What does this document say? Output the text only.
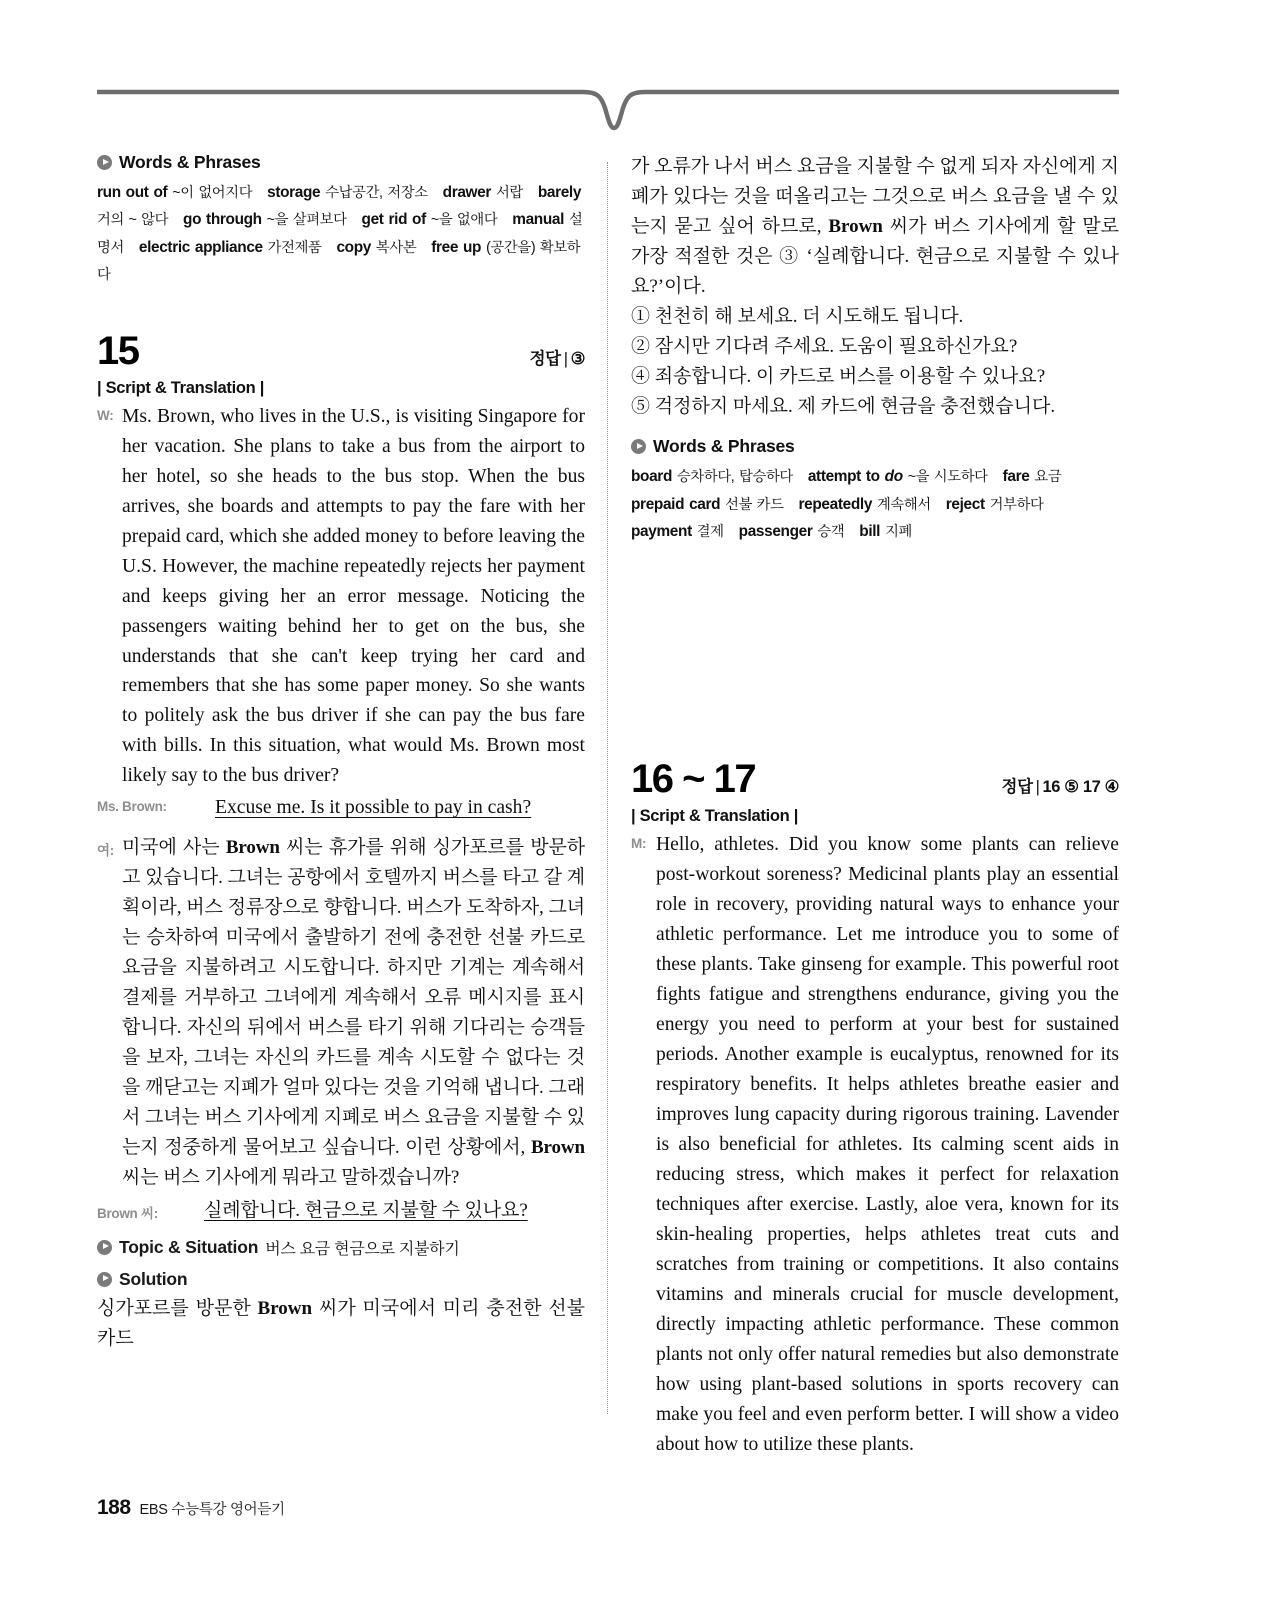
Words & Phrases
run out of ~이 없어지다 storage 수납공간, 저장소 drawer 서랍 barely 거의 ~ 않다 go through ~을 살펴보다 get rid of ~을 없애다 manual 설명서 electric appliance 가전제품 copy 복사본 free up (공간을) 확보하다
15	정답 | ③
| Script & Translation |
W: Ms. Brown, who lives in the U.S., is visiting Singapore for her vacation. She plans to take a bus from the airport to her hotel, so she heads to the bus stop. When the bus arrives, she boards and attempts to pay the fare with her prepaid card, which she added money to before leaving the U.S. However, the machine repeatedly rejects her payment and keeps giving her an error message. Noticing the passengers waiting behind her to get on the bus, she understands that she can't keep trying her card and remembers that she has some paper money. So she wants to politely ask the bus driver if she can pay the bus fare with bills. In this situation, what would Ms. Brown most likely say to the bus driver?
Ms. Brown:	Excuse me. Is it possible to pay in cash?
여: 미국에 사는 Brown 씨는 휴가를 위해 싱가포르를 방문하고 있습니다. 그녀는 공항에서 호텔까지 버스를 타고 갈 계획이라, 버스 정류장으로 향합니다. 버스가 도착하자, 그녀는 승차하여 미국에서 출발하기 전에 충전한 선불 카드로 요금을 지불하려고 시도합니다. 하지만 기계는 계속해서 결제를 거부하고 그녀에게 계속해서 오류 메시지를 표시합니다. 자신의 뒤에서 버스를 타기 위해 기다리는 승객들을 보자, 그녀는 자신의 카드를 계속 시도할 수 없다는 것을 깨닫고는 지폐가 얼마 있다는 것을 기억해 냅니다. 그래서 그녀는 버스 기사에게 지폐로 버스 요금을 지불할 수 있는지 정중하게 물어보고 싶습니다. 이런 상황에서, Brown 씨는 버스 기사에게 뭐라고 말하겠습니까?
Brown 씨:	실례합니다. 현금으로 지불할 수 있나요?
Topic & Situation 버스 요금 현금으로 지불하기
Solution
싱가포르를 방문한 Brown 씨가 미국에서 미리 충전한 선불 카드
가 오류가 나서 버스 요금을 지불할 수 없게 되자 자신에게 지폐가 있다는 것을 떠올리고는 그것으로 버스 요금을 낼 수 있는지 묻고 싶어 하므로, Brown 씨가 버스 기사에게 할 말로 가장 적절한 것은 ③ ‘실례합니다. 현금으로 지불할 수 있나요?’이다.
① 천천히 해 보세요. 더 시도해도 됩니다.
② 잠시만 기다려 주세요. 도움이 필요하신가요?
④ 죄송합니다. 이 카드로 버스를 이용할 수 있나요?
⑤ 걱정하지 마세요. 제 카드에 현금을 충전했습니다.
Words & Phrases
board 승차하다, 탑승하다 attempt to do ~을 시도하다 fare 요금 prepaid card 선불 카드 repeatedly 계속해서 reject 거부하다 payment 결제 passenger 승객 bill 지폐
16 ~ 17	정답 | 16 ⑤ 17 ④
| Script & Translation |
M: Hello, athletes. Did you know some plants can relieve post-workout soreness? Medicinal plants play an essential role in recovery, providing natural ways to enhance your athletic performance. Let me introduce you to some of these plants. Take ginseng for example. This powerful root fights fatigue and strengthens endurance, giving you the energy you need to perform at your best for sustained periods. Another example is eucalyptus, renowned for its respiratory benefits. It helps athletes breathe easier and improves lung capacity during rigorous training. Lavender is also beneficial for athletes. Its calming scent aids in reducing stress, which makes it perfect for relaxation techniques after exercise. Lastly, aloe vera, known for its skin-healing properties, helps athletes treat cuts and scratches from training or competitions. It also contains vitamins and minerals crucial for muscle development, directly impacting athletic performance. These common plants not only offer natural remedies but also demonstrate how using plant-based solutions in sports recovery can make you feel and even perform better. I will show a video about how to utilize these plants.
188 EBS 수능특강 영어듣기
